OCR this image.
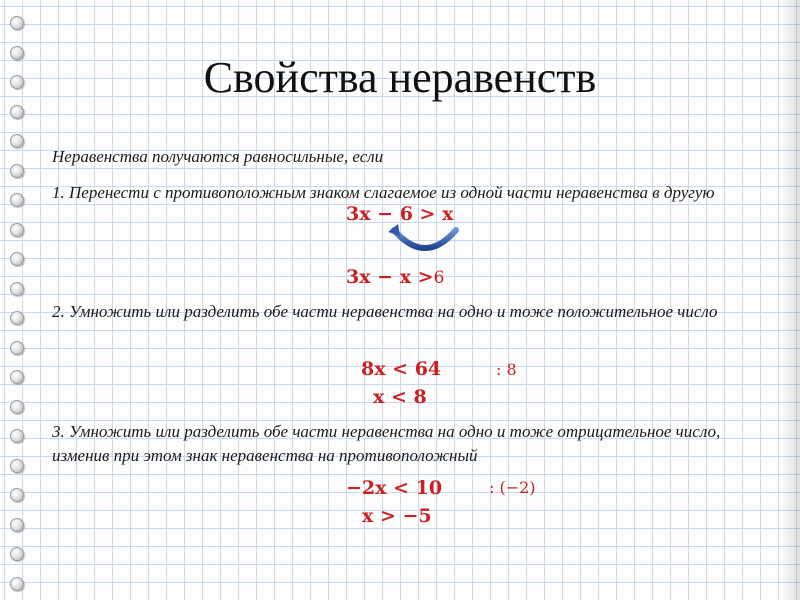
Свойства неравенств

Неравенства получаются равносильные, если

1. Перенести с противоположным знаком слагаемое из одной части неравенства в другую

3x − 6 > x
3x − x >6

2. Умножить или разделить обе части неравенства на одно и тоже положительное число

8x < 64	: 8
x < 8

3. Умножить или разделить обе части неравенства на одно и тоже отрицательное число, изменив при этом знак неравенства на противоположный

−2x < 10	: (−2)
x > −5
